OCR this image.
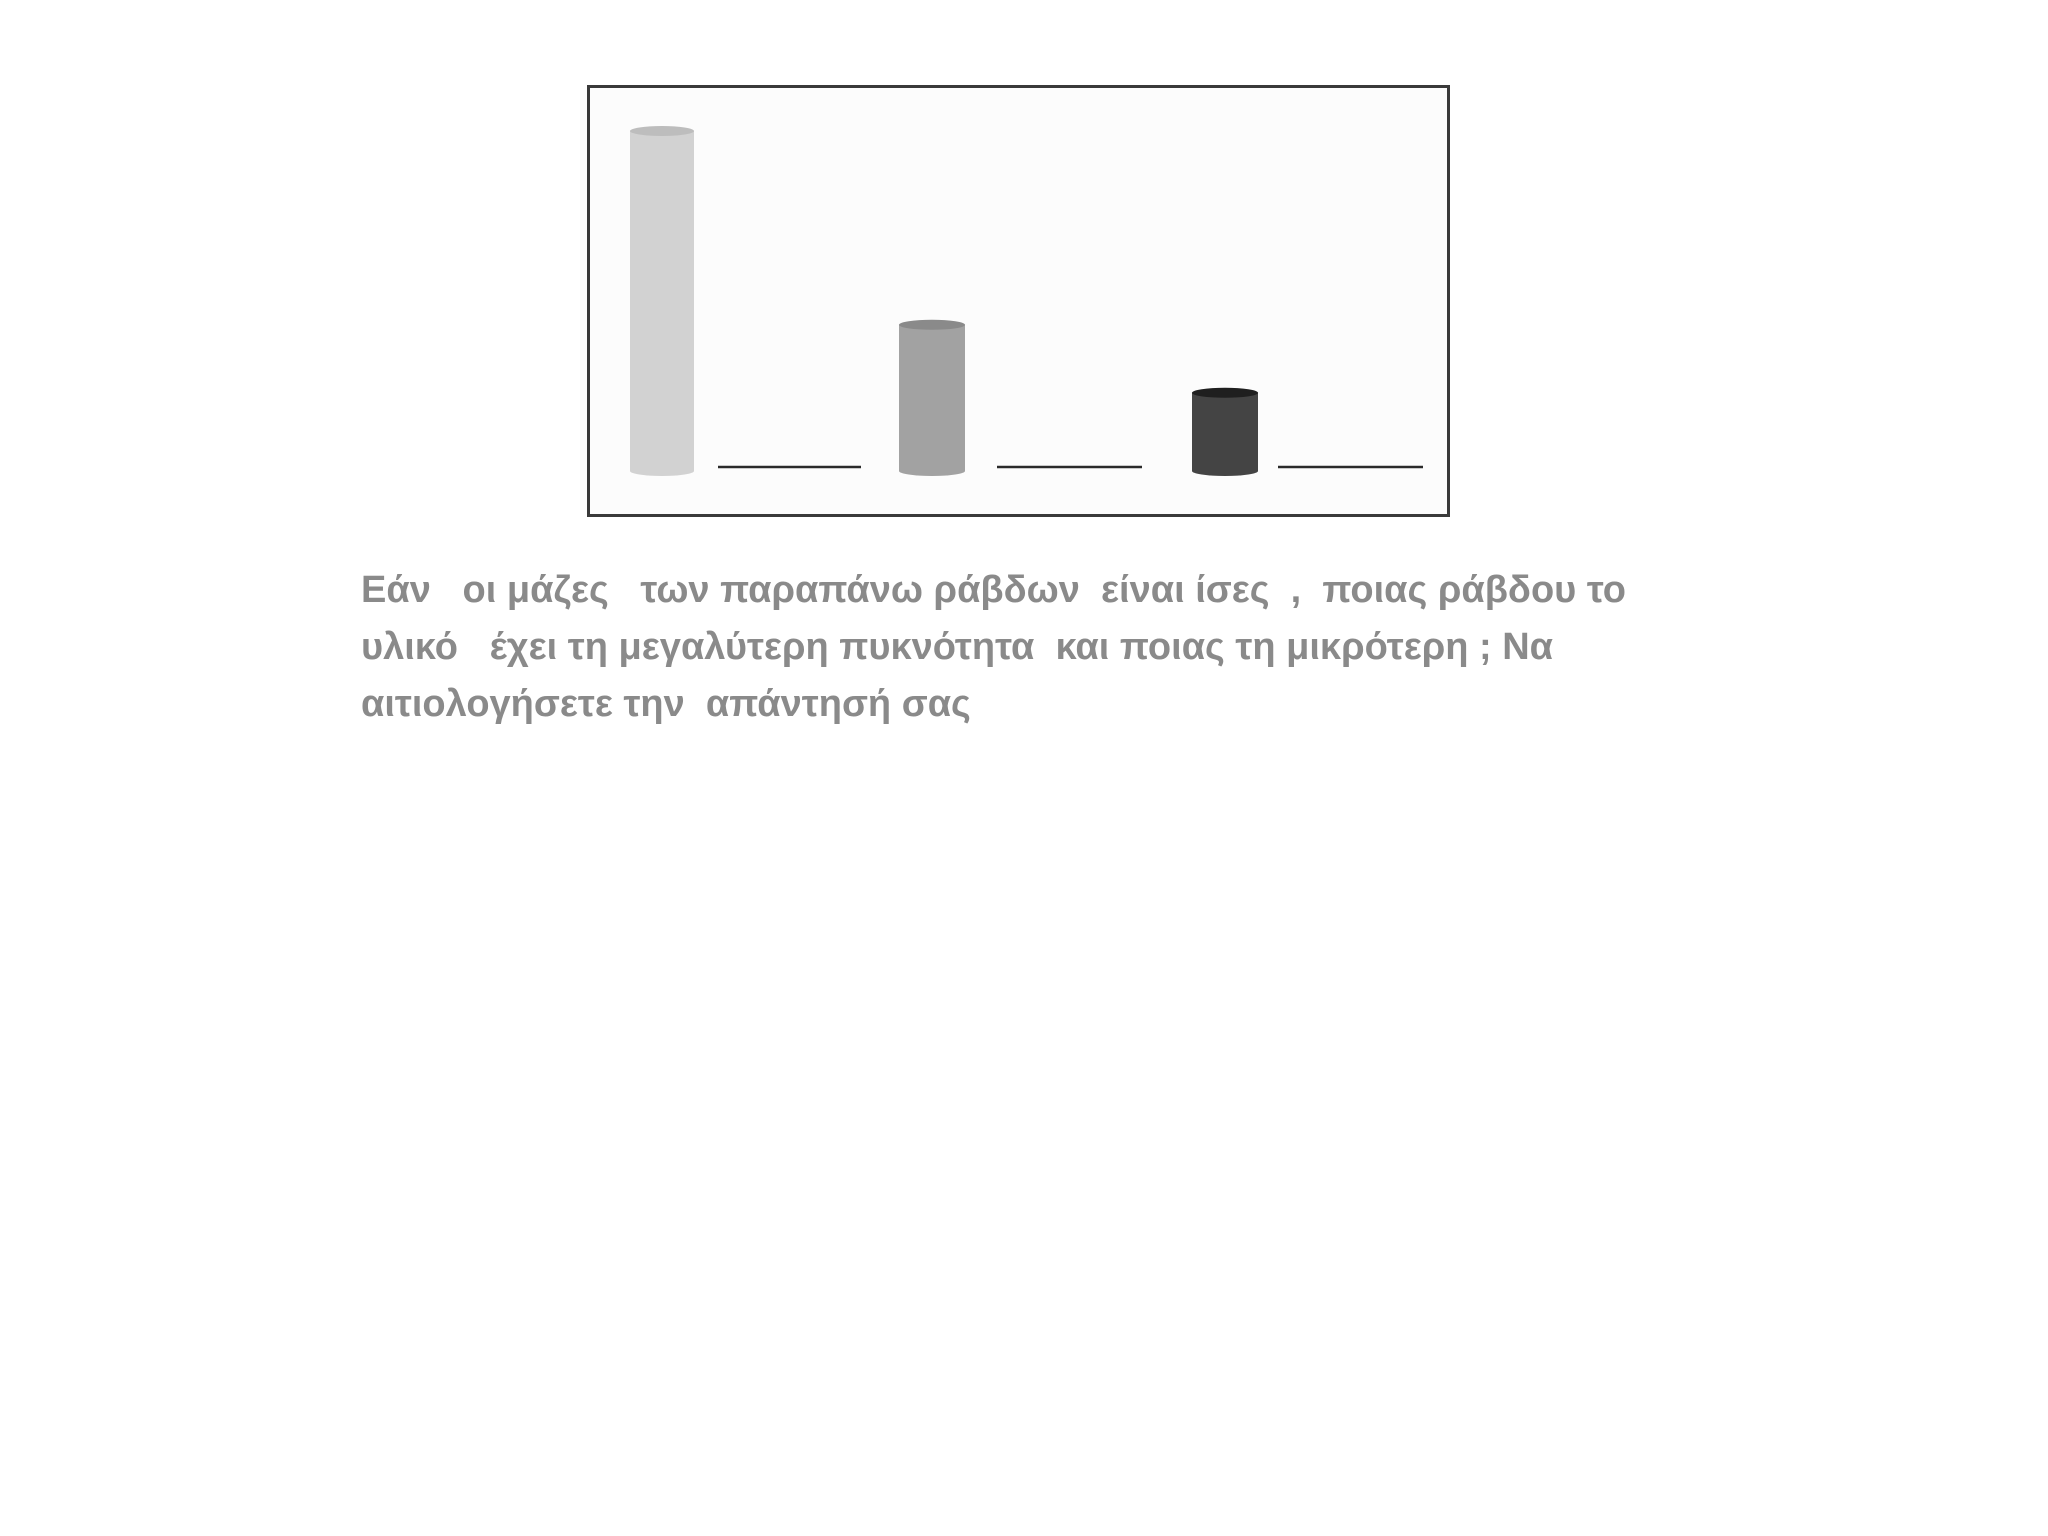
Εάν   οι μάζες   των παραπάνω ράβδων  είναι ίσες  ,  ποιας ράβδου το
υλικό   έχει τη μεγαλύτερη πυκνότητα  και ποιας τη μικρότερη ; Να
αιτιολογήσετε την  απάντησή σας
